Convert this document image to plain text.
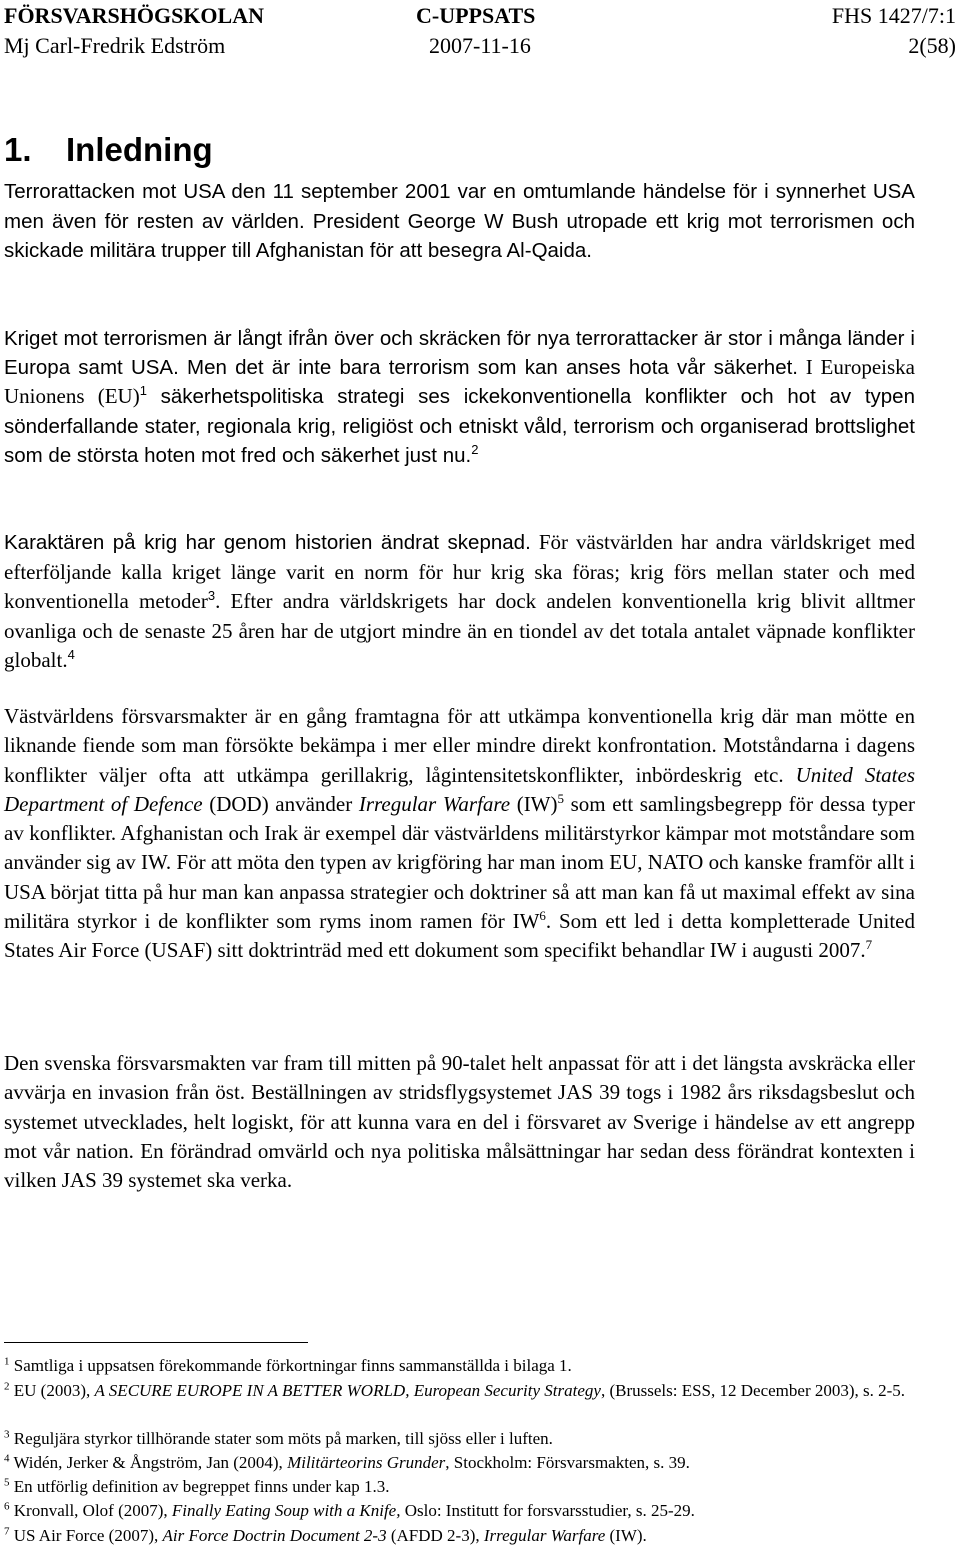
FÖRSVARSHÖGSKOLAN	C-UPPSATS	FHS 1427/7:1
Mj Carl-Fredrik Edström	2007-11-16	2(58)
1. Inledning

Terrorattacken mot USA den 11 september 2001 var en omtumlande händelse för i synnerhet USA men även för resten av världen. President George W Bush utropade ett krig mot terrorismen och skickade militära trupper till Afghanistan för att besegra Al-Qaida.

Kriget mot terrorismen är långt ifrån över och skräcken för nya terrorattacker är stor i många länder i Europa samt USA. Men det är inte bara terrorism som kan anses hota vår säkerhet. I Europeiska Unionens (EU)$^1$ säkerhetspolitiska strategi ses ickekonventionella konflikter och hot av typen sönderfallande stater, regionala krig, religiöst och etniskt våld, terrorism och organiserad brottslighet som de största hoten mot fred och säkerhet just nu.$^2$

Karaktären på krig har genom historien ändrat skepnad. För västvärlden har andra världskriget med efterföljande kalla kriget länge varit en norm för hur krig ska föras; krig förs mellan stater och med konventionella metoder$^3$. Efter andra världskrigets har dock andelen konventionella krig blivit alltmer ovanliga och de senaste 25 åren har de utgjort mindre än en tiondel av det totala antalet väpnade konflikter globalt.$^4$

Västvärldens försvarsmakter är en gång framtagna för att utkämpa konventionella krig där man mötte en liknande fiende som man försökte bekämpa i mer eller mindre direkt konfrontation. Motståndarna i dagens konflikter väljer ofta att utkämpa gerillakrig, lågintensitetskonflikter, inbördeskrig etc. United States Department of Defence (DOD) använder Irregular Warfare (IW)$^5$ som ett samlingsbegrepp för dessa typer av konflikter. Afghanistan och Irak är exempel där västvärldens militärstyrkor kämpar mot motståndare som använder sig av IW. För att möta den typen av krigföring har man inom EU, NATO och kanske framför allt i USA börjat titta på hur man kan anpassa strategier och doktriner så att man kan få ut maximal effekt av sina militära styrkor i de konflikter som ryms inom ramen för $IW^6$. Som ett led i detta kompletterade United States Air Force (USAF) sitt doktrinträd med ett dokument som specifikt behandlar IW i augusti 2007.$^7$

Den svenska försvarsmakten var fram till mitten på 90-talet helt anpassat för att i det längsta avskräcka eller avvärja en invasion från öst. Beställningen av stridsflygsystemet JAS 39 togs i 1982 års riksdagsbeslut och systemet utvecklades, helt logiskt, för att kunna vara en del i försvaret av Sverige i händelse av ett angrepp mot vår nation. En förändrad omvärld och nya politiska målsättningar har sedan dess förändrat kontexten i vilken JAS 39 systemet ska verka.

$^1$ Samtliga i uppsatsen förekommande förkortningar finns sammanställda i bilaga 1.

$^2$ EU (2003), A SECURE EUROPE IN A BETTER WORLD, European Security Strategy, (Brussels: ESS, 12 December 2003), s. 2-5.

$^3$ Reguljära styrkor tillhörande stater som möts på marken, till sjöss eller i luften.

$^4$ Widén, Jerker & Ångström, Jan (2004), Militärteorins Grunder, Stockholm: Försvarsmakten, s. 39.

$^5$ En utförlig definition av begreppet finns under kap 1.3.

$^6$ Kronvall, Olof (2007), Finally Eating Soup with a Knife, Oslo: Institutt for forsvarsstudier, s. 25-29.

$^7$ US Air Force (2007), Air Force Doctrin Document 2-3 (AFDD 2-3), Irregular Warfare (IW).
